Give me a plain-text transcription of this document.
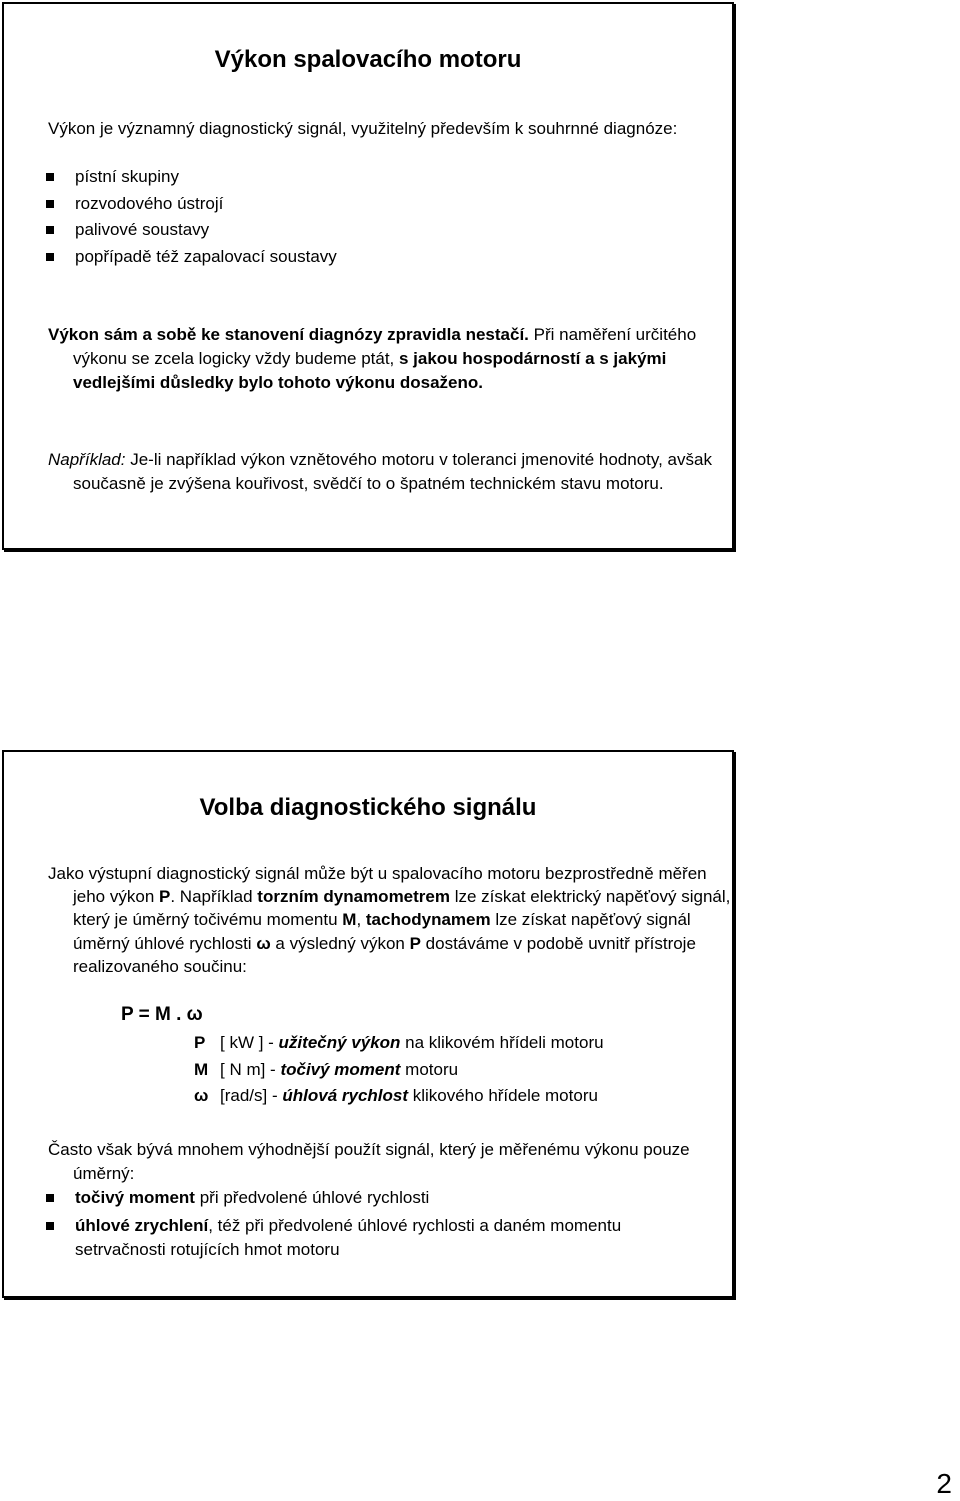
Výkon spalovacího motoru
Výkon je významný diagnostický signál, využitelný především k souhrnné diagnóze:
pístní skupiny
rozvodového ústrojí
palivové soustavy
popřípadě též zapalovací soustavy
Výkon sám a sobě ke stanovení diagnózy zpravidla nestačí. Při naměření určitého výkonu se zcela logicky vždy budeme ptát, s jakou hospodárností a s jakými vedlejšími důsledky bylo tohoto výkonu dosaženo.
Například: Je-li například výkon vznětového motoru v toleranci jmenovité hodnoty, avšak současně je zvýšena kouřivost, svědčí to o špatném technickém stavu motoru.
Volba diagnostického signálu
Jako výstupní diagnostický signál může být u spalovacího motoru bezprostředně měřen jeho výkon P. Například torzním dynamometrem lze získat elektrický napěťový signál, který je úměrný točivému momentu M, tachodynamem lze získat napěťový signál úměrný úhlové rychlosti ω a výsledný výkon P dostáváme v podobě uvnitř přístroje realizovaného součinu:
P = M . ω
P [ kW ] - užitečný výkon na klikovém hřídeli motoru
M [ N m] - točivý moment motoru
ω [rad/s] - úhlová rychlost klikového hřídele motoru
Často však bývá mnohem výhodnější použít signál, který je měřenému výkonu pouze úměrný:
točivý moment při předvolené úhlové rychlosti
úhlové zrychlení, též při předvolené úhlové rychlosti a daném momentu setrvačnosti rotujících hmot motoru
2
